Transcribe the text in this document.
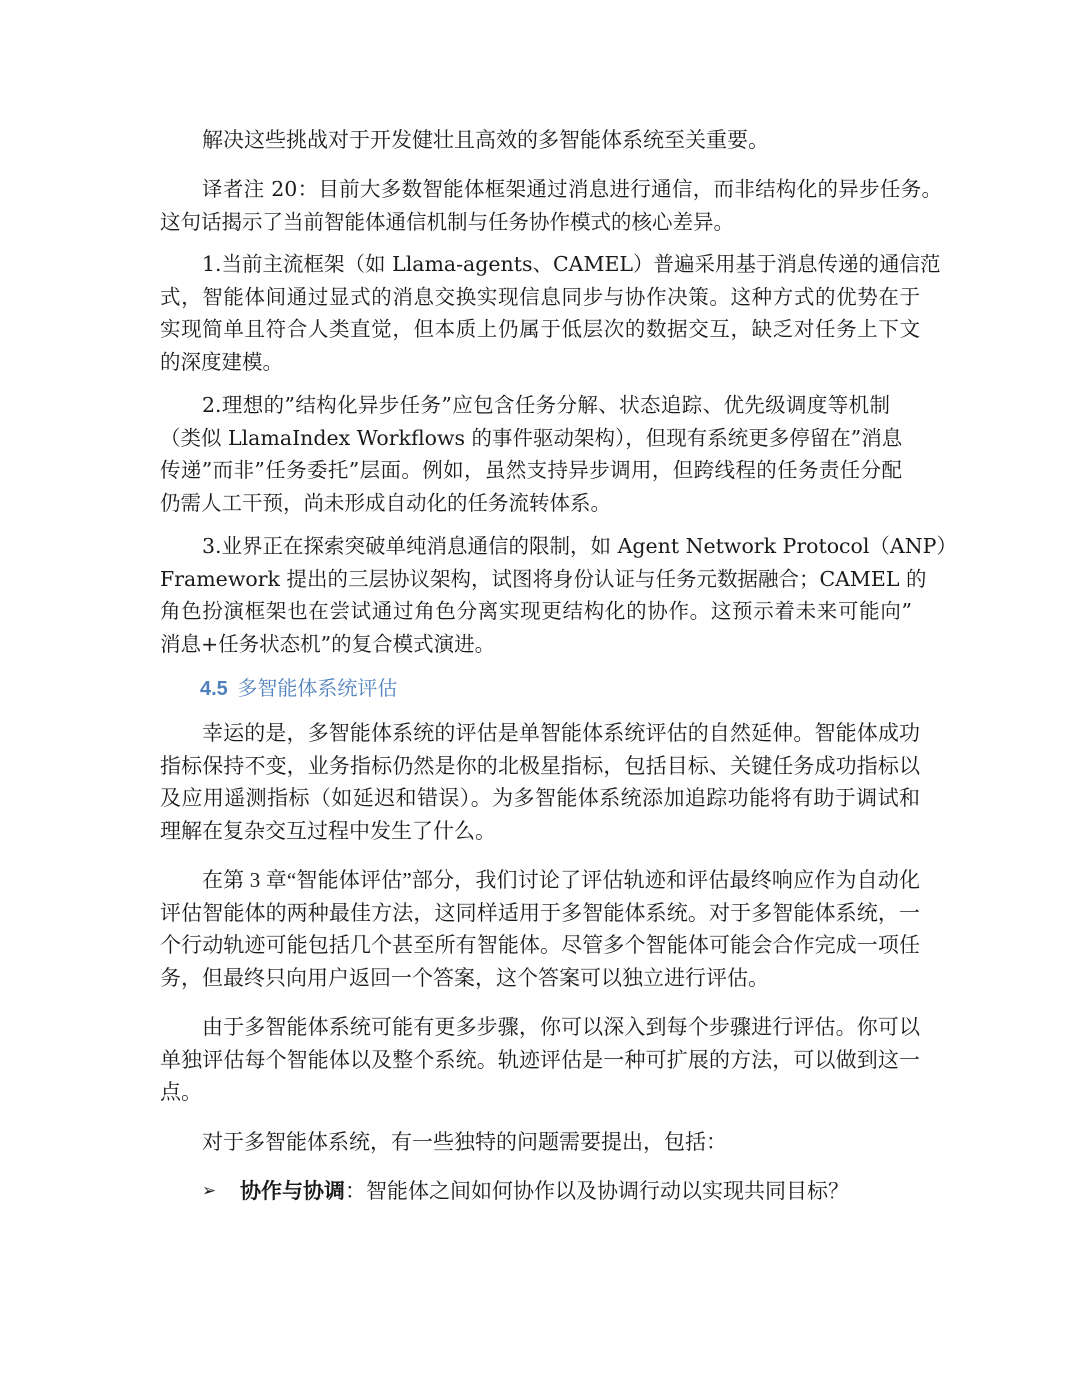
解决这些挑战对于开发健壮且高效的多智能体系统至关重要。
译者注 20：目前大多数智能体框架通过消息进行通信，而非结构化的异步任务。
这句话揭示了当前智能体通信机制与任务协作模式的核心差异。
1.当前主流框架（如 Llama-agents、CAMEL）普遍采用基于消息传递的通信范
式，智能体间通过显式的消息交换实现信息同步与协作决策。这种方式的优势在于
实现简单且符合人类直觉，但本质上仍属于低层次的数据交互，缺乏对任务上下文
的深度建模。
2.理想的”结构化异步任务”应包含任务分解、状态追踪、优先级调度等机制
（类似 LlamaIndex Workflows 的事件驱动架构），但现有系统更多停留在”消息
传递”而非”任务委托”层面。例如，虽然支持异步调用，但跨线程的任务责任分配
仍需人工干预，尚未形成自动化的任务流转体系。
3.业界正在探索突破单纯消息通信的限制，如 Agent Network Protocol（ANP）
Framework 提出的三层协议架构，试图将身份认证与任务元数据融合；CAMEL 的
角色扮演框架也在尝试通过角色分离实现更结构化的协作。这预示着未来可能向”
消息+任务状态机”的复合模式演进。
4.5 多智能体系统评估
幸运的是，多智能体系统的评估是单智能体系统评估的自然延伸。智能体成功
指标保持不变，业务指标仍然是你的北极星指标，包括目标、关键任务成功指标以
及应用遥测指标（如延迟和错误）。为多智能体系统添加追踪功能将有助于调试和
理解在复杂交互过程中发生了什么。
在第 3 章“智能体评估”部分，我们讨论了评估轨迹和评估最终响应作为自动化
评估智能体的两种最佳方法，这同样适用于多智能体系统。对于多智能体系统，一
个行动轨迹可能包括几个甚至所有智能体。尽管多个智能体可能会合作完成一项任
务，但最终只向用户返回一个答案，这个答案可以独立进行评估。
由于多智能体系统可能有更多步骤，你可以深入到每个步骤进行评估。你可以
单独评估每个智能体以及整个系统。轨迹评估是一种可扩展的方法，可以做到这一
点。
对于多智能体系统，有一些独特的问题需要提出，包括：
➢
协作与协调：智能体之间如何协作以及协调行动以实现共同目标？
